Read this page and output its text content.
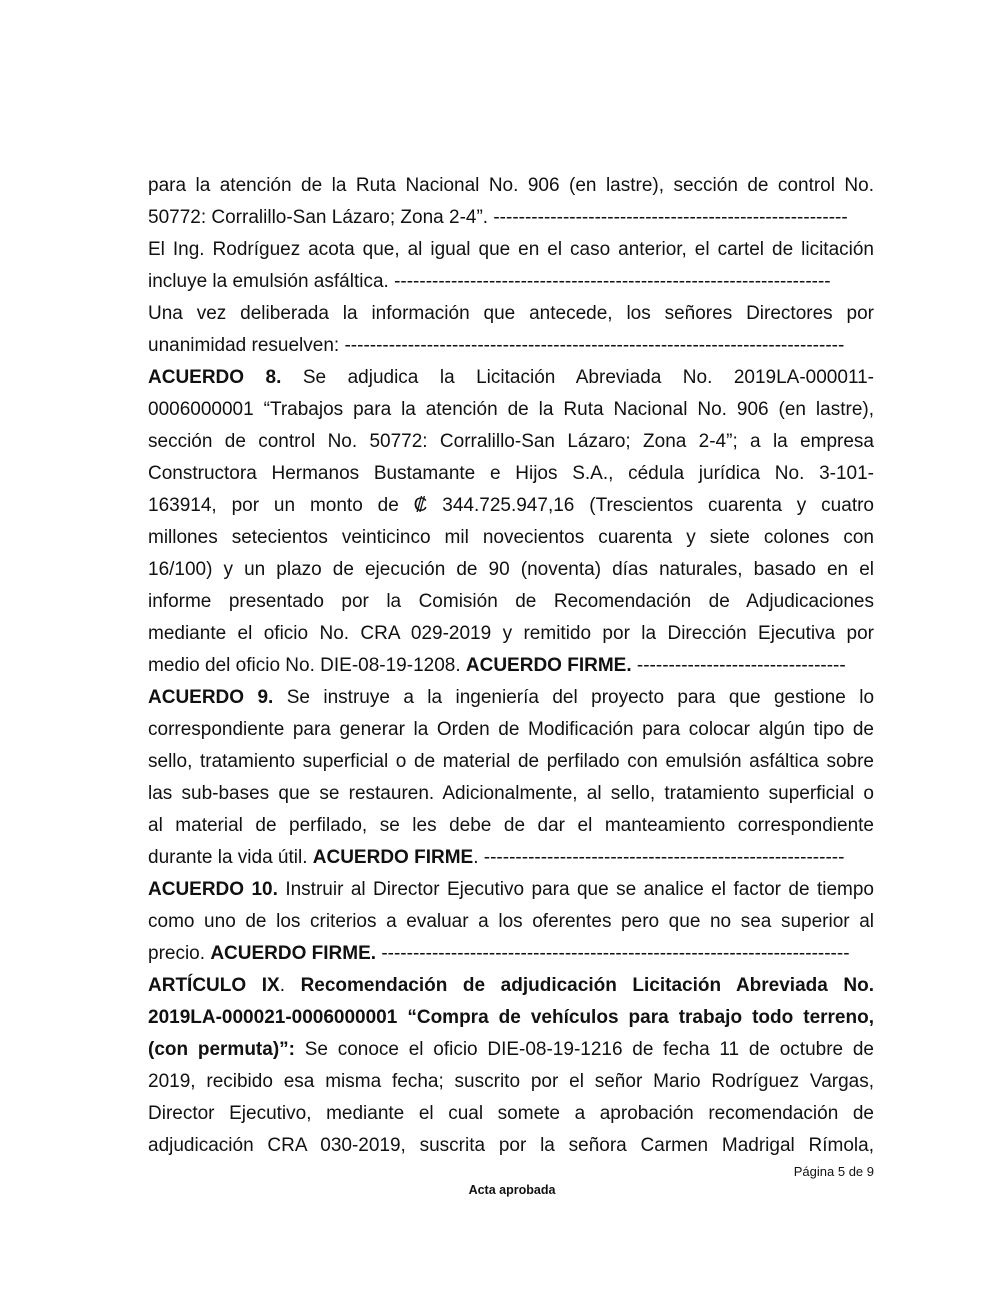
para la atención de la Ruta Nacional No. 906 (en lastre), sección de control No.
50772: Corralillo-San Lázaro; Zona 2-4”. --------------------------------------------------------
El Ing. Rodríguez acota que, al igual que en el caso anterior, el cartel de licitación
incluye la emulsión asfáltica. ---------------------------------------------------------------------
Una vez deliberada la información que antecede, los señores Directores por
unanimidad resuelven: -------------------------------------------------------------------------------
ACUERDO 8. Se adjudica la Licitación Abreviada No. 2019LA-000011-
0006000001 “Trabajos para la atención de la Ruta Nacional No. 906 (en lastre),
sección de control No. 50772: Corralillo-San Lázaro; Zona 2-4”; a la empresa
Constructora Hermanos Bustamante e Hijos S.A., cédula jurídica No. 3-101-
163914, por un monto de ₡ 344.725.947,16 (Trescientos cuarenta y cuatro
millones setecientos veinticinco mil novecientos cuarenta y siete colones con
16/100) y un plazo de ejecución de 90 (noventa) días naturales, basado en el
informe presentado por la Comisión de Recomendación de Adjudicaciones
mediante el oficio No. CRA 029-2019 y remitido por la Dirección Ejecutiva por
medio del oficio No. DIE-08-19-1208. ACUERDO FIRME. ---------------------------------
ACUERDO 9. Se instruye a la ingeniería del proyecto para que gestione lo
correspondiente para generar la Orden de Modificación para colocar algún tipo de
sello, tratamiento superficial o de material de perfilado con emulsión asfáltica sobre
las sub-bases que se restauren. Adicionalmente, al sello, tratamiento superficial o
al material de perfilado, se les debe de dar el manteamiento correspondiente
durante la vida útil. ACUERDO FIRME. ---------------------------------------------------------
ACUERDO 10. Instruir al Director Ejecutivo para que se analice el factor de tiempo
como uno de los criterios a evaluar a los oferentes pero que no sea superior al
precio. ACUERDO FIRME. --------------------------------------------------------------------------
ARTÍCULO IX. Recomendación de adjudicación Licitación Abreviada No.
2019LA-000021-0006000001 “Compra de vehículos para trabajo todo terreno,
(con permuta)”: Se conoce el oficio DIE-08-19-1216 de fecha 11 de octubre de
2019, recibido esa misma fecha; suscrito por el señor Mario Rodríguez Vargas,
Director Ejecutivo, mediante el cual somete a aprobación recomendación de
adjudicación CRA 030-2019, suscrita por la señora Carmen Madrigal Rímola,
Página 5 de 9
Acta aprobada
